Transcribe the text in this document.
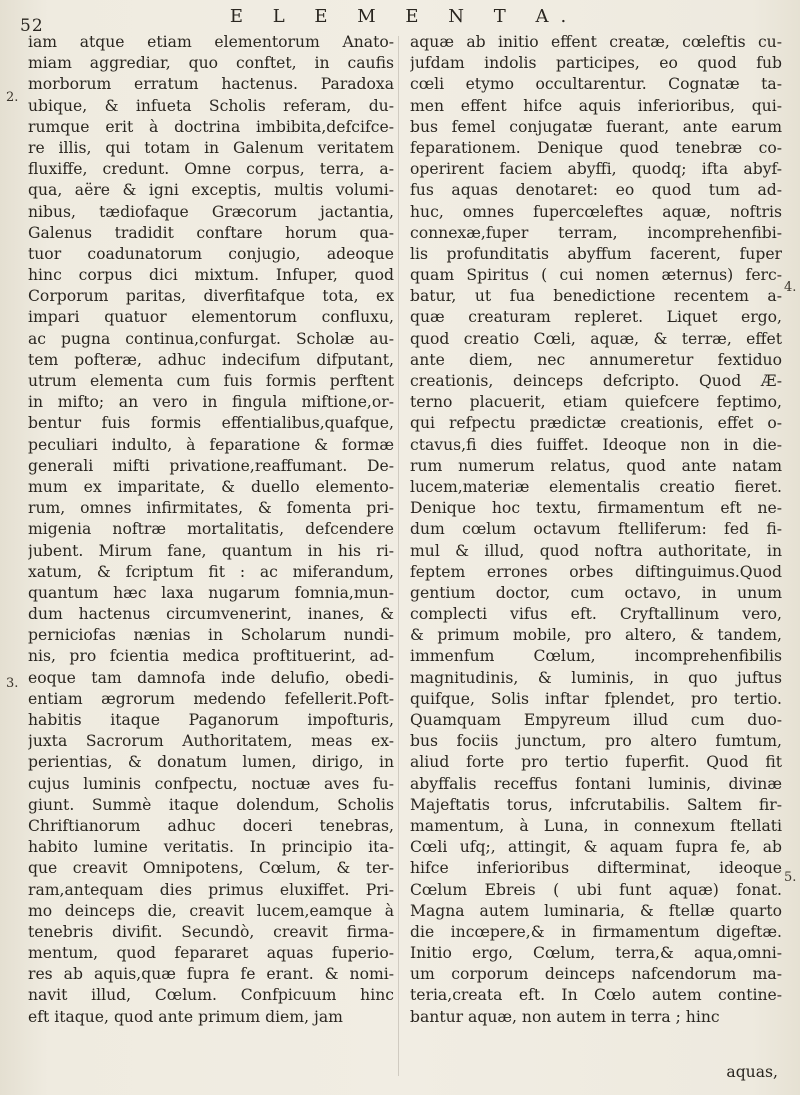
52	E L E M E N T A.
2.
3.
4.
5.
iam atque etiam elementorum Anato-
miam aggrediar, quo conftet, in caufis
morborum erratum hactenus. Paradoxa
ubique, & infueta Scholis referam, du-
rumque erit à doctrina imbibita,defcifce-
re illis, qui totam in Galenum veritatem
fluxiffe, credunt. Omne corpus, terra, a-
qua, aëre & igni exceptis, multis volumi-
nibus, tædiofaque Græcorum jactantia,
Galenus tradidit conftare horum qua-
tuor coadunatorum conjugio, adeoque
hinc corpus dici mixtum. Infuper, quod
Corporum paritas, diverfitafque tota, ex
impari quatuor elementorum confluxu,
ac pugna continua,confurgat. Scholæ au-
tem pofteræ, adhuc indecifum difputant,
utrum elementa cum fuis formis perftent
in mifto; an vero in fingula miftione,or-
bentur fuis formis effentialibus,quafque,
peculiari indulto, à feparatione & formæ
generali mifti privatione,reaffumant. De-
mum ex imparitate, & duello elemento-
rum, omnes infirmitates, & fomenta pri-
migenia noftræ mortalitatis, defcendere
jubent. Mirum fane, quantum in his ri-
xatum, & fcriptum fit : ac miferandum,
quantum hæc laxa nugarum fomnia,mun-
dum hactenus circumvenerint, inanes, &
perniciofas nænias in Scholarum nundi-
nis, pro fcientia medica proftituerint, ad-
eoque tam damnofa inde delufio, obedi-
entiam ægrorum medendo fefellerit.Poft-
habitis itaque Paganorum impofturis,
juxta Sacrorum Authoritatem, meas ex-
perientias, & donatum lumen, dirigo, in
cujus luminis confpectu, noctuæ aves fu-
giunt. Summè itaque dolendum, Scholis
Chriftianorum adhuc doceri tenebras,
habito lumine veritatis. In principio ita-
que creavit Omnipotens, Cœlum, & ter-
ram,antequam dies primus eluxiffet. Pri-
mo deinceps die, creavit lucem,eamque à
tenebris divifit. Secundò, creavit firma-
mentum, quod fepararet aquas fuperio-
res ab aquis,quæ fupra fe erant. & nomi-
navit illud, Cœlum. Confpicuum hinc
eft itaque, quod ante primum diem, jam
aquæ ab initio effent creatæ, cœleftis cu-
jufdam indolis participes, eo quod fub
cœli etymo occultarentur. Cognatæ ta-
men effent hifce aquis inferioribus, qui-
bus femel conjugatæ fuerant, ante earum
feparationem. Denique quod tenebræ co-
operirent faciem abyffi, quodq; ifta abyf-
fus aquas denotaret: eo quod tum ad-
huc, omnes fupercœleftes aquæ, noftris
connexæ,fuper terram, incomprehenfibi-
lis profunditatis abyffum facerent, fuper
quam Spiritus ( cui nomen æternus) ferc-
batur, ut fua benedictione recentem a-
quæ creaturam repleret. Liquet ergo,
quod creatio Cœli, aquæ, & terræ, effet
ante diem, nec annumeretur fextiduo
creationis, deinceps defcripto. Quod Æ-
terno placuerit, etiam quiefcere feptimo,
qui refpectu prædictæ creationis, effet o-
ctavus,fi dies fuiffet. Ideoque non in die-
rum numerum relatus, quod ante natam
lucem,materiæ elementalis creatio fieret.
Denique hoc textu, firmamentum eft ne-
dum cœlum octavum ftelliferum: fed fi-
mul & illud, quod noftra authoritate, in
feptem errones orbes diftinguimus.Quod
gentium doctor, cum octavo, in unum
complecti vifus eft. Cryftallinum vero,
& primum mobile, pro altero, & tandem,
immenfum Cœlum, incomprehenfibilis
magnitudinis, & luminis, in quo juftus
quifque, Solis inftar fplendet, pro tertio.
Quamquam Empyreum illud cum duo-
bus fociis junctum, pro altero fumtum,
aliud forte pro tertio fuperfit. Quod fit
abyffalis receffus fontani luminis, divinæ
Majeftatis torus, infcrutabilis. Saltem fir-
mamentum, à Luna, in connexum ftellati
Cœli ufq;, attingit, & aquam fupra fe, ab
hifce inferioribus difterminat, ideoque
Cœlum Ebreis ( ubi funt aquæ) fonat.
Magna autem luminaria, & ftellæ quarto
die incœpere,& in firmamentum digeftæ.
Initio ergo, Cœlum, terra,& aqua,omni-
um corporum deinceps nafcendorum ma-
teria,creata eft. In Cœlo autem contine-
bantur aquæ, non autem in terra ; hinc
aquas,
